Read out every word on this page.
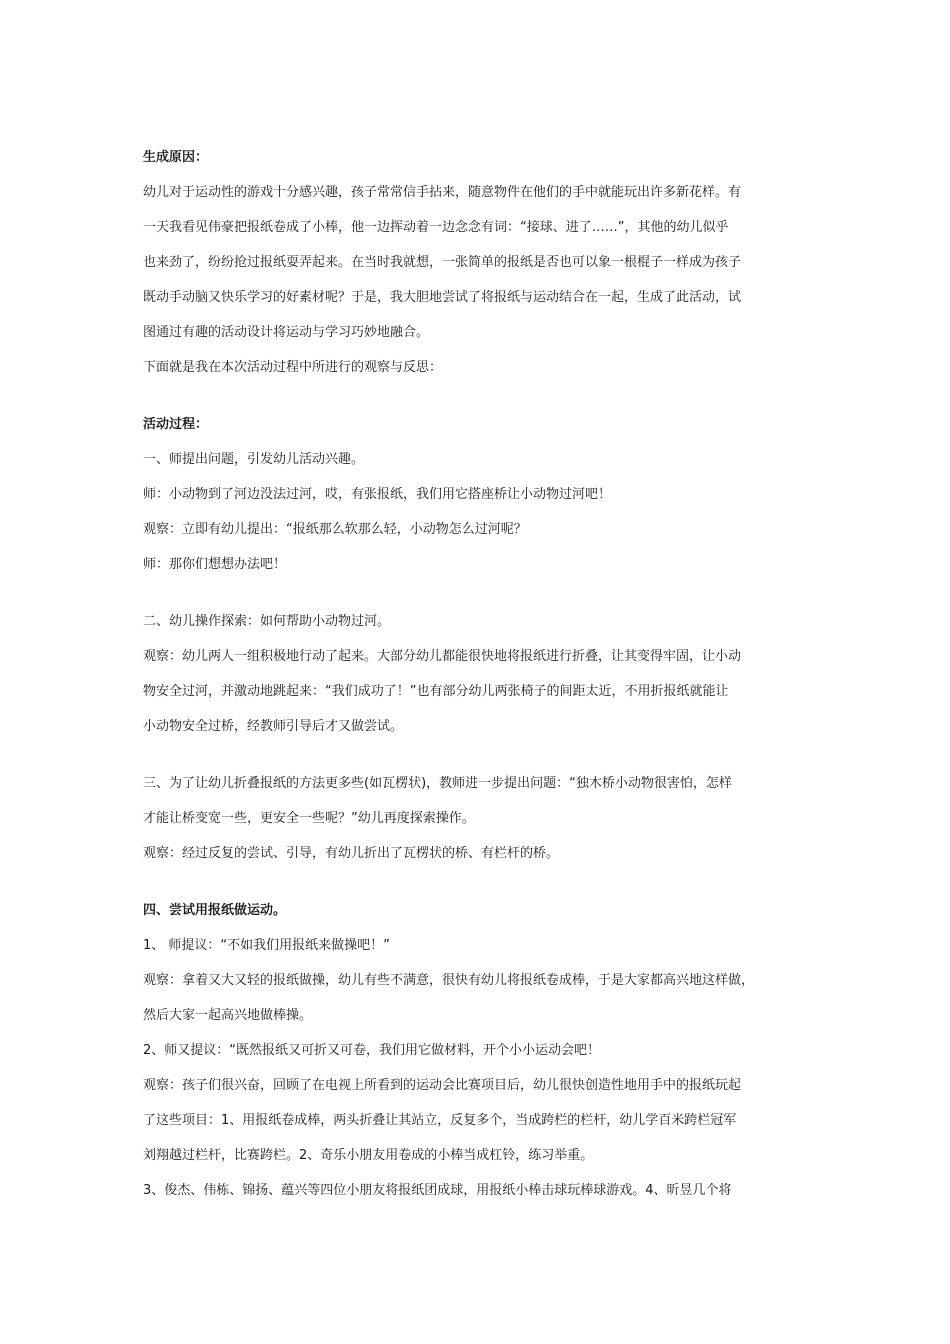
生成原因：
幼儿对于运动性的游戏十分感兴趣，孩子常常信手拈来，随意物件在他们的手中就能玩出许多新花样。有
一天我看见伟豪把报纸卷成了小棒，他一边挥动着一边念念有词：“接球、进了……”，其他的幼儿似乎
也来劲了，纷纷抢过报纸耍弄起来。在当时我就想，一张简单的报纸是否也可以象一根棍子一样成为孩子
既动手动脑又快乐学习的好素材呢？于是，我大胆地尝试了将报纸与运动结合在一起，生成了此活动，试
图通过有趣的活动设计将运动与学习巧妙地融合。
下面就是我在本次活动过程中所进行的观察与反思：
活动过程：
一、师提出问题，引发幼儿活动兴趣。
师：小动物到了河边没法过河，哎，有张报纸，我们用它搭座桥让小动物过河吧！
观察：立即有幼儿提出：“报纸那么软那么轻，小动物怎么过河呢？
师：那你们想想办法吧！
二、幼儿操作探索：如何帮助小动物过河。
观察：幼儿两人一组积极地行动了起来。大部分幼儿都能很快地将报纸进行折叠，让其变得牢固，让小动
物安全过河，并激动地跳起来：“我们成功了！”也有部分幼儿两张椅子的间距太近，不用折报纸就能让
小动物安全过桥，经教师引导后才又做尝试。
三、为了让幼儿折叠报纸的方法更多些(如瓦楞状)，教师进一步提出问题：“独木桥小动物很害怕，怎样
才能让桥变宽一些，更安全一些呢？”幼儿再度探索操作。
观察：经过反复的尝试、引导，有幼儿折出了瓦楞状的桥、有栏杆的桥。
四、尝试用报纸做运动。
1、 师提议：“不如我们用报纸来做操吧！”
观察：拿着又大又轻的报纸做操，幼儿有些不满意，很快有幼儿将报纸卷成棒，于是大家都高兴地这样做，
然后大家一起高兴地做棒操。
2、师又提议：“既然报纸又可折又可卷，我们用它做材料，开个小小运动会吧！
观察：孩子们很兴奋，回顾了在电视上所看到的运动会比赛项目后，幼儿很快创造性地用手中的报纸玩起
了这些项目：1、用报纸卷成棒，两头折叠让其站立，反复多个，当成跨栏的栏杆，幼儿学百米跨栏冠军
刘翔越过栏杆，比赛跨栏。2、奇乐小朋友用卷成的小棒当成杠铃，练习举重。
3、俊杰、伟栋、锦扬、蕴兴等四位小朋友将报纸团成球，用报纸小棒击球玩棒球游戏。4、昕昱几个将
